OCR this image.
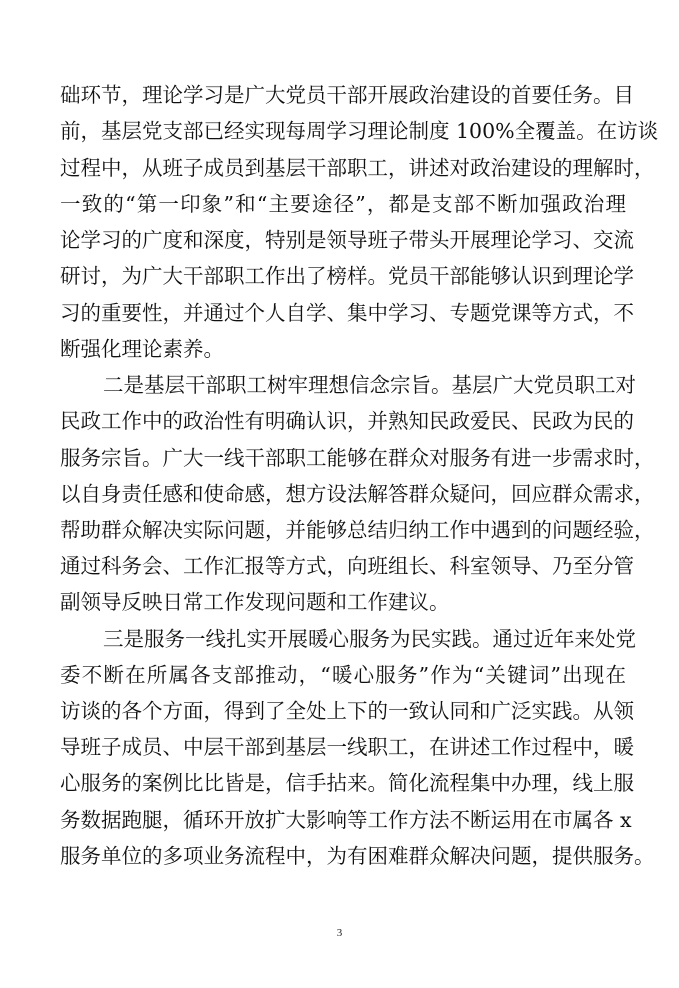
础环节，理论学习是广大党员干部开展政治建设的首要任务。目
前，基层党支部已经实现每周学习理论制度 100%全覆盖。在访谈
过程中，从班子成员到基层干部职工，讲述对政治建设的理解时，
一致的“第一印象”和“主要途径”，都是支部不断加强政治理
论学习的广度和深度，特别是领导班子带头开展理论学习、交流
研讨，为广大干部职工作出了榜样。党员干部能够认识到理论学
习的重要性，并通过个人自学、集中学习、专题党课等方式，不
断强化理论素养。
二是基层干部职工树牢理想信念宗旨。基层广大党员职工对
民政工作中的政治性有明确认识，并熟知民政爱民、民政为民的
服务宗旨。广大一线干部职工能够在群众对服务有进一步需求时，
以自身责任感和使命感，想方设法解答群众疑问，回应群众需求，
帮助群众解决实际问题，并能够总结归纳工作中遇到的问题经验，
通过科务会、工作汇报等方式，向班组长、科室领导、乃至分管
副领导反映日常工作发现问题和工作建议。
三是服务一线扎实开展暖心服务为民实践。通过近年来处党
委不断在所属各支部推动，“暖心服务”作为“关键词”出现在
访谈的各个方面，得到了全处上下的一致认同和广泛实践。从领
导班子成员、中层干部到基层一线职工，在讲述工作过程中，暖
心服务的案例比比皆是，信手拈来。简化流程集中办理，线上服
务数据跑腿，循环开放扩大影响等工作方法不断运用在市属各 x
服务单位的多项业务流程中，为有困难群众解决问题，提供服务。
3
